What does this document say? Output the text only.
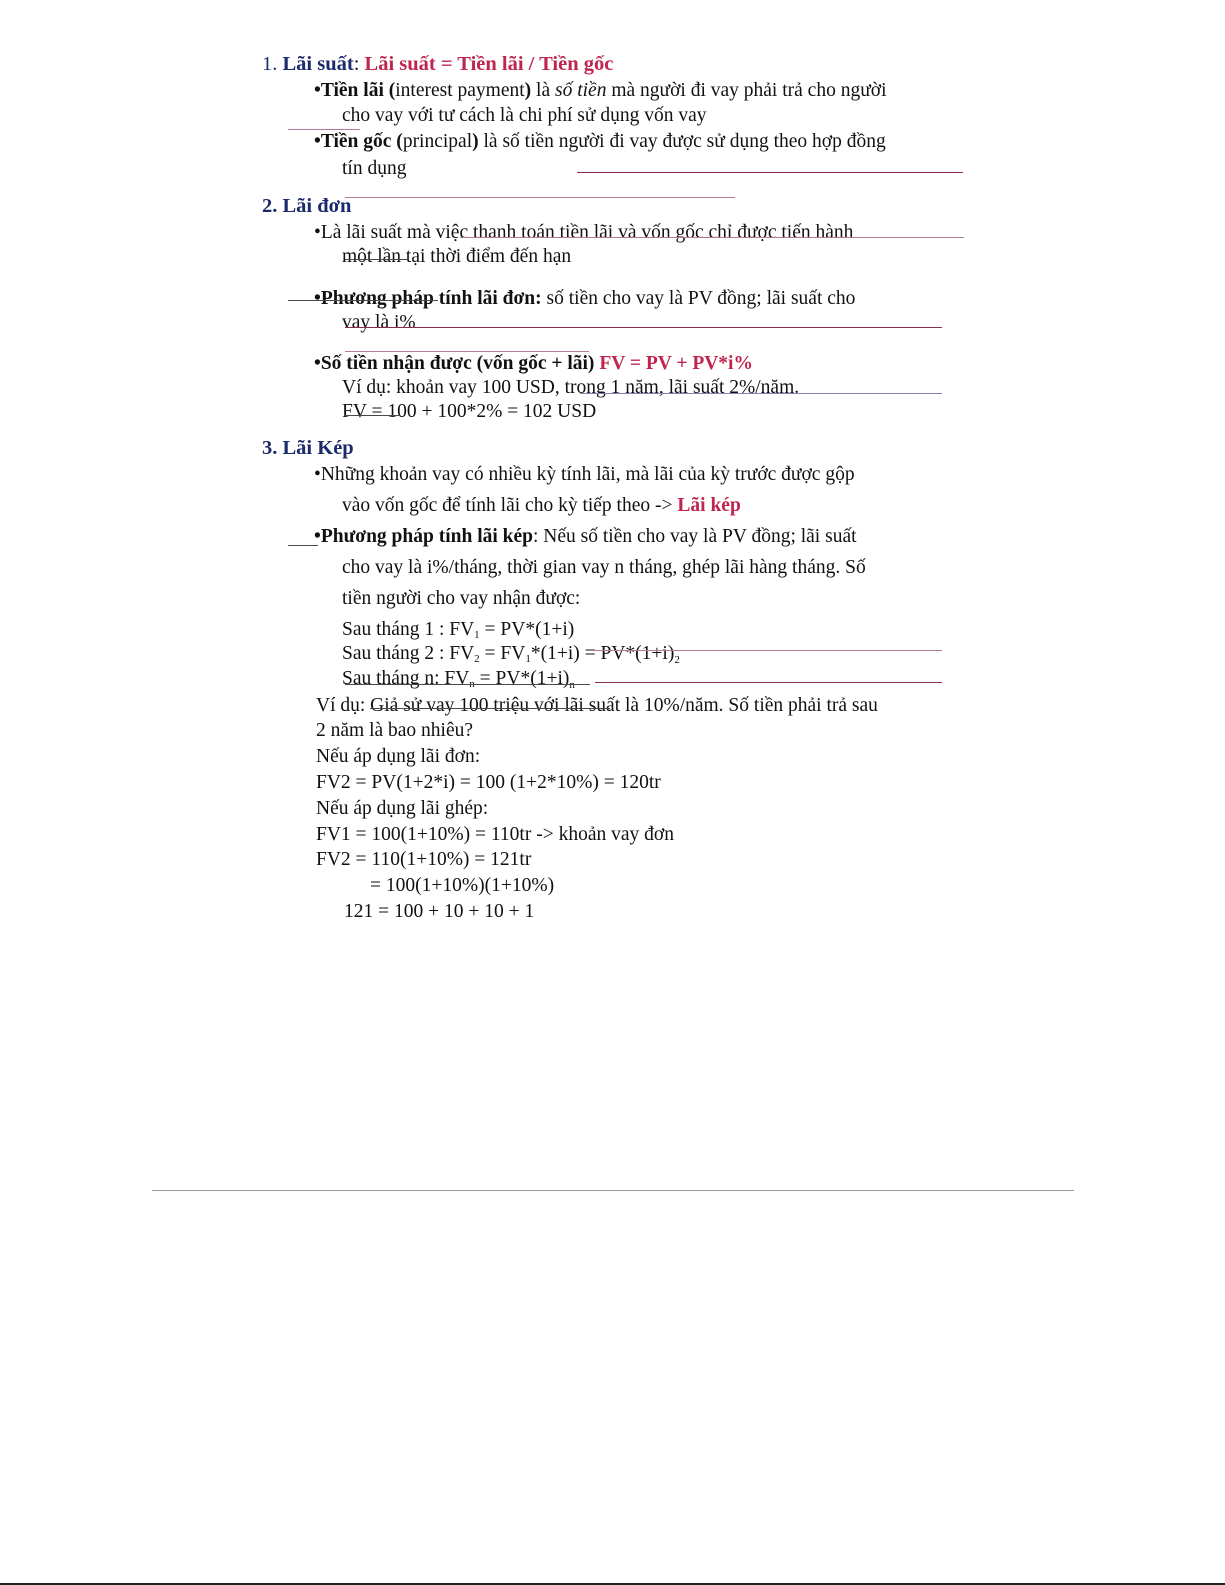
1. Lãi suất: Lãi suất = Tiền lãi / Tiền gốc
•Tiền lãi (interest payment) là số tiền mà người đi vay phải trả cho người
cho vay với tư cách là chi phí sử dụng vốn vay
•Tiền gốc (principal) là số tiền người đi vay được sử dụng theo hợp đồng
tín dụng
2. Lãi đơn
•Là lãi suất mà việc thanh toán tiền lãi và vốn gốc chỉ được tiến hành
một lần tại thời điểm đến hạn
•Phương pháp tính lãi đơn: số tiền cho vay là PV đồng; lãi suất cho
vay là i%
•Số tiền nhận được (vốn gốc + lãi) FV = PV + PV*i%
Ví dụ: khoản vay 100 USD, trong 1 năm, lãi suất 2%/năm.
FV = 100 + 100*2% = 102 USD
3. Lãi Kép
•Những khoản vay có nhiều kỳ tính lãi, mà lãi của kỳ trước được gộp
vào vốn gốc để tính lãi cho kỳ tiếp theo -> Lãi kép
•Phương pháp tính lãi kép: Nếu số tiền cho vay là PV đồng; lãi suất
cho vay là i%/tháng, thời gian vay n tháng, ghép lãi hàng tháng. Số
tiền người cho vay nhận được:
Sau tháng 1 : $FV_1 = PV*(1+i)$
Sau tháng 2 : $FV_2 = FV_1*(1+i) = PV*(1+i)^2$
Sau tháng n: $FV_n = PV*(1+i)^n$
Ví dụ: Giả sử vay 100 triệu với lãi suất là 10%/năm. Số tiền phải trả sau
2 năm là bao nhiêu?
Nếu áp dụng lãi đơn:
FV2 = PV(1+2*i) = 100 (1+2*10%) = 120tr
Nếu áp dụng lãi ghép:
FV1 = 100(1+10%) = 110tr -> khoản vay đơn
FV2 = 110(1+10%) = 121tr
= 100(1+10%)(1+10%)
121 = 100 + 10 + 10 + 1
